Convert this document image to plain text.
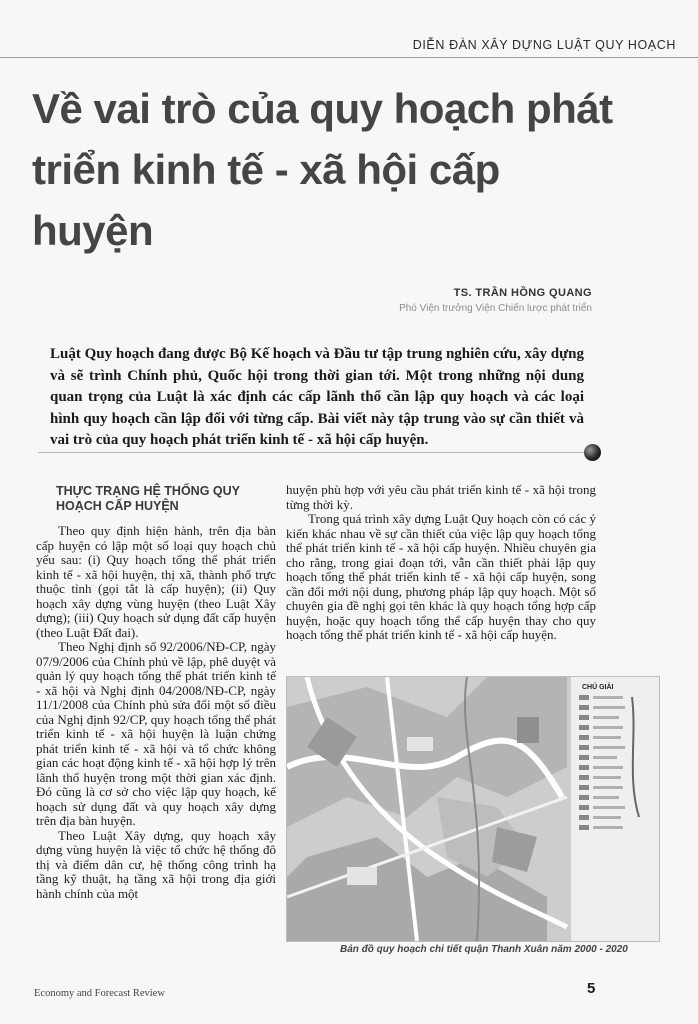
DIỄN ĐÀN XÂY DỰNG LUẬT QUY HOẠCH
Về vai trò của quy hoạch phát triển kinh tế - xã hội cấp huyện
TS. TRẦN HỒNG QUANG
Phó Viện trưởng Viện Chiến lược phát triển

Luật Quy hoạch đang được Bộ Kế hoạch và Đầu tư tập trung nghiên cứu, xây dựng và sẽ trình Chính phủ, Quốc hội trong thời gian tới. Một trong những nội dung quan trọng của Luật là xác định các cấp lãnh thổ cần lập quy hoạch và các loại hình quy hoạch cần lập đối với từng cấp. Bài viết này tập trung vào sự cần thiết và vai trò của quy hoạch phát triển kinh tế - xã hội cấp huyện.

THỰC TRẠNG HỆ THỐNG QUY HOẠCH CẤP HUYỆN

Theo quy định hiện hành, trên địa bàn cấp huyện có lập một số loại quy hoạch chủ yếu sau: (i) Quy hoạch tổng thể phát triển kinh tế - xã hội huyện, thị xã, thành phố trực thuộc tỉnh (gọi tắt là cấp huyện); (ii) Quy hoạch xây dựng vùng huyện (theo Luật Xây dựng); (iii) Quy hoạch sử dụng đất cấp huyện (theo Luật Đất đai).

Theo Nghị định số 92/2006/NĐ-CP, ngày 07/9/2006 của Chính phủ về lập, phê duyệt và quản lý quy hoạch tổng thể phát triển kinh tế - xã hội và Nghị định 04/2008/NĐ-CP, ngày 11/1/2008 của Chính phủ sửa đổi một số điều của Nghị định 92/CP, quy hoạch tổng thể phát triển kinh tế - xã hội huyện là luận chứng phát triển kinh tế - xã hội và tổ chức không gian các hoạt động kinh tế - xã hội hợp lý trên lãnh thổ huyện trong một thời gian xác định. Đó cũng là cơ sở cho việc lập quy hoạch, kế hoạch sử dụng đất và quy hoạch xây dựng trên địa bàn huyện.

Theo Luật Xây dựng, quy hoạch xây dựng vùng huyện là việc tổ chức hệ thống đô thị và điểm dân cư, hệ thống công trình hạ tầng kỹ thuật, hạ tầng xã hội trong địa giới hành chính của một

huyện phù hợp với yêu cầu phát triển kinh tế - xã hội trong từng thời kỳ.

Trong quá trình xây dựng Luật Quy hoạch còn có các ý kiến khác nhau về sự cần thiết của việc lập quy hoạch tổng thể phát triển kinh tế - xã hội cấp huyện. Nhiều chuyên gia cho rằng, trong giai đoạn tới, vẫn cần thiết phải lập quy hoạch tổng thể phát triển kinh tế - xã hội cấp huyện, song cần đổi mới nội dung, phương pháp lập quy hoạch. Một số chuyên gia đề nghị gọi tên khác là quy hoạch tổng hợp cấp huyện, hoặc quy hoạch tổng thể cấp huyện thay cho quy hoạch tổng thể phát triển kinh tế - xã hội cấp huyện.

CHÚ GIẢI
Bản đồ quy hoạch chi tiết quận Thanh Xuân năm 2000 - 2020
Economy and Forecast Review	5
